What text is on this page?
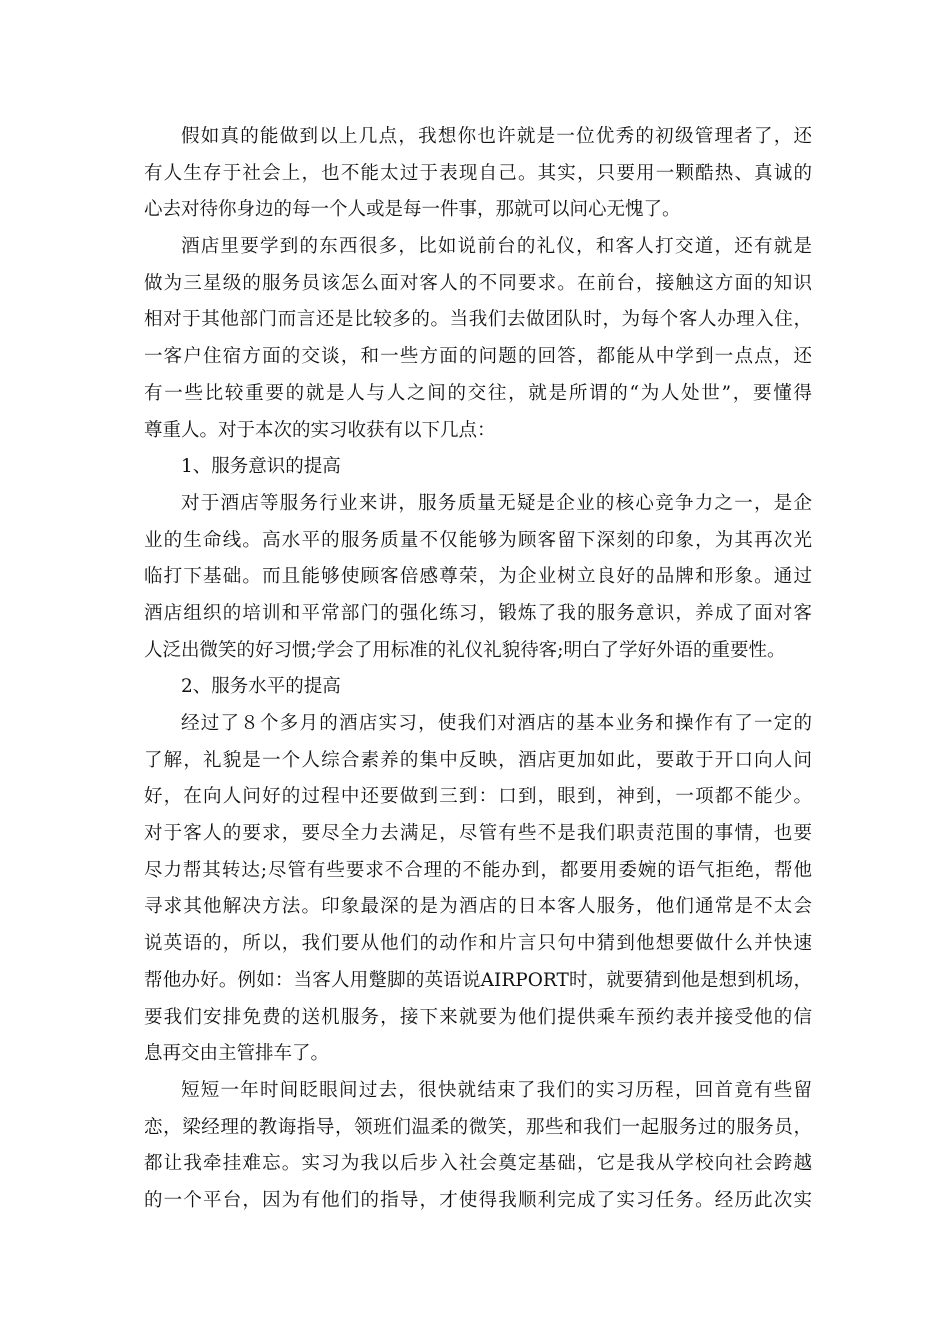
假如真的能做到以上几点，我想你也许就是一位优秀的初级管理者了，还

有人生存于社会上，也不能太过于表现自己。其实，只要用一颗酷热、真诚的

心去对待你身边的每一个人或是每一件事，那就可以问心无愧了。

酒店里要学到的东西很多，比如说前台的礼仪，和客人打交道，还有就是

做为三星级的服务员该怎么面对客人的不同要求。在前台，接触这方面的知识

相对于其他部门而言还是比较多的。当我们去做团队时，为每个客人办理入住，

一客户住宿方面的交谈，和一些方面的问题的回答，都能从中学到一点点，还

有一些比较重要的就是人与人之间的交往，就是所谓的“为人处世”，要懂得

尊重人。对于本次的实习收获有以下几点：

1、服务意识的提高

对于酒店等服务行业来讲，服务质量无疑是企业的核心竞争力之一，是企

业的生命线。高水平的服务质量不仅能够为顾客留下深刻的印象，为其再次光

临打下基础。而且能够使顾客倍感尊荣，为企业树立良好的品牌和形象。通过

酒店组织的培训和平常部门的强化练习，锻炼了我的服务意识，养成了面对客

人泛出微笑的好习惯;学会了用标准的礼仪礼貌待客;明白了学好外语的重要性。

2、服务水平的提高

经过了８个多月的酒店实习，使我们对酒店的基本业务和操作有了一定的

了解，礼貌是一个人综合素养的集中反映，酒店更加如此，要敢于开口向人问

好，在向人问好的过程中还要做到三到：口到，眼到，神到，一项都不能少。

对于客人的要求，要尽全力去满足，尽管有些不是我们职责范围的事情，也要

尽力帮其转达;尽管有些要求不合理的不能办到，都要用委婉的语气拒绝，帮他

寻求其他解决方法。印象最深的是为酒店的日本客人服务，他们通常是不太会

说英语的，所以，我们要从他们的动作和片言只句中猜到他想要做什么并快速

帮他办好。例如：当客人用蹩脚的英语说AIRPORT时，就要猜到他是想到机场，

要我们安排免费的送机服务，接下来就要为他们提供乘车预约表并接受他的信

息再交由主管排车了。

短短一年时间眨眼间过去，很快就结束了我们的实习历程，回首竟有些留

恋，梁经理的教诲指导，领班们温柔的微笑，那些和我们一起服务过的服务员，

都让我牵挂难忘。实习为我以后步入社会奠定基础，它是我从学校向社会跨越

的一个平台，因为有他们的指导，才使得我顺利完成了实习任务。经历此次实
